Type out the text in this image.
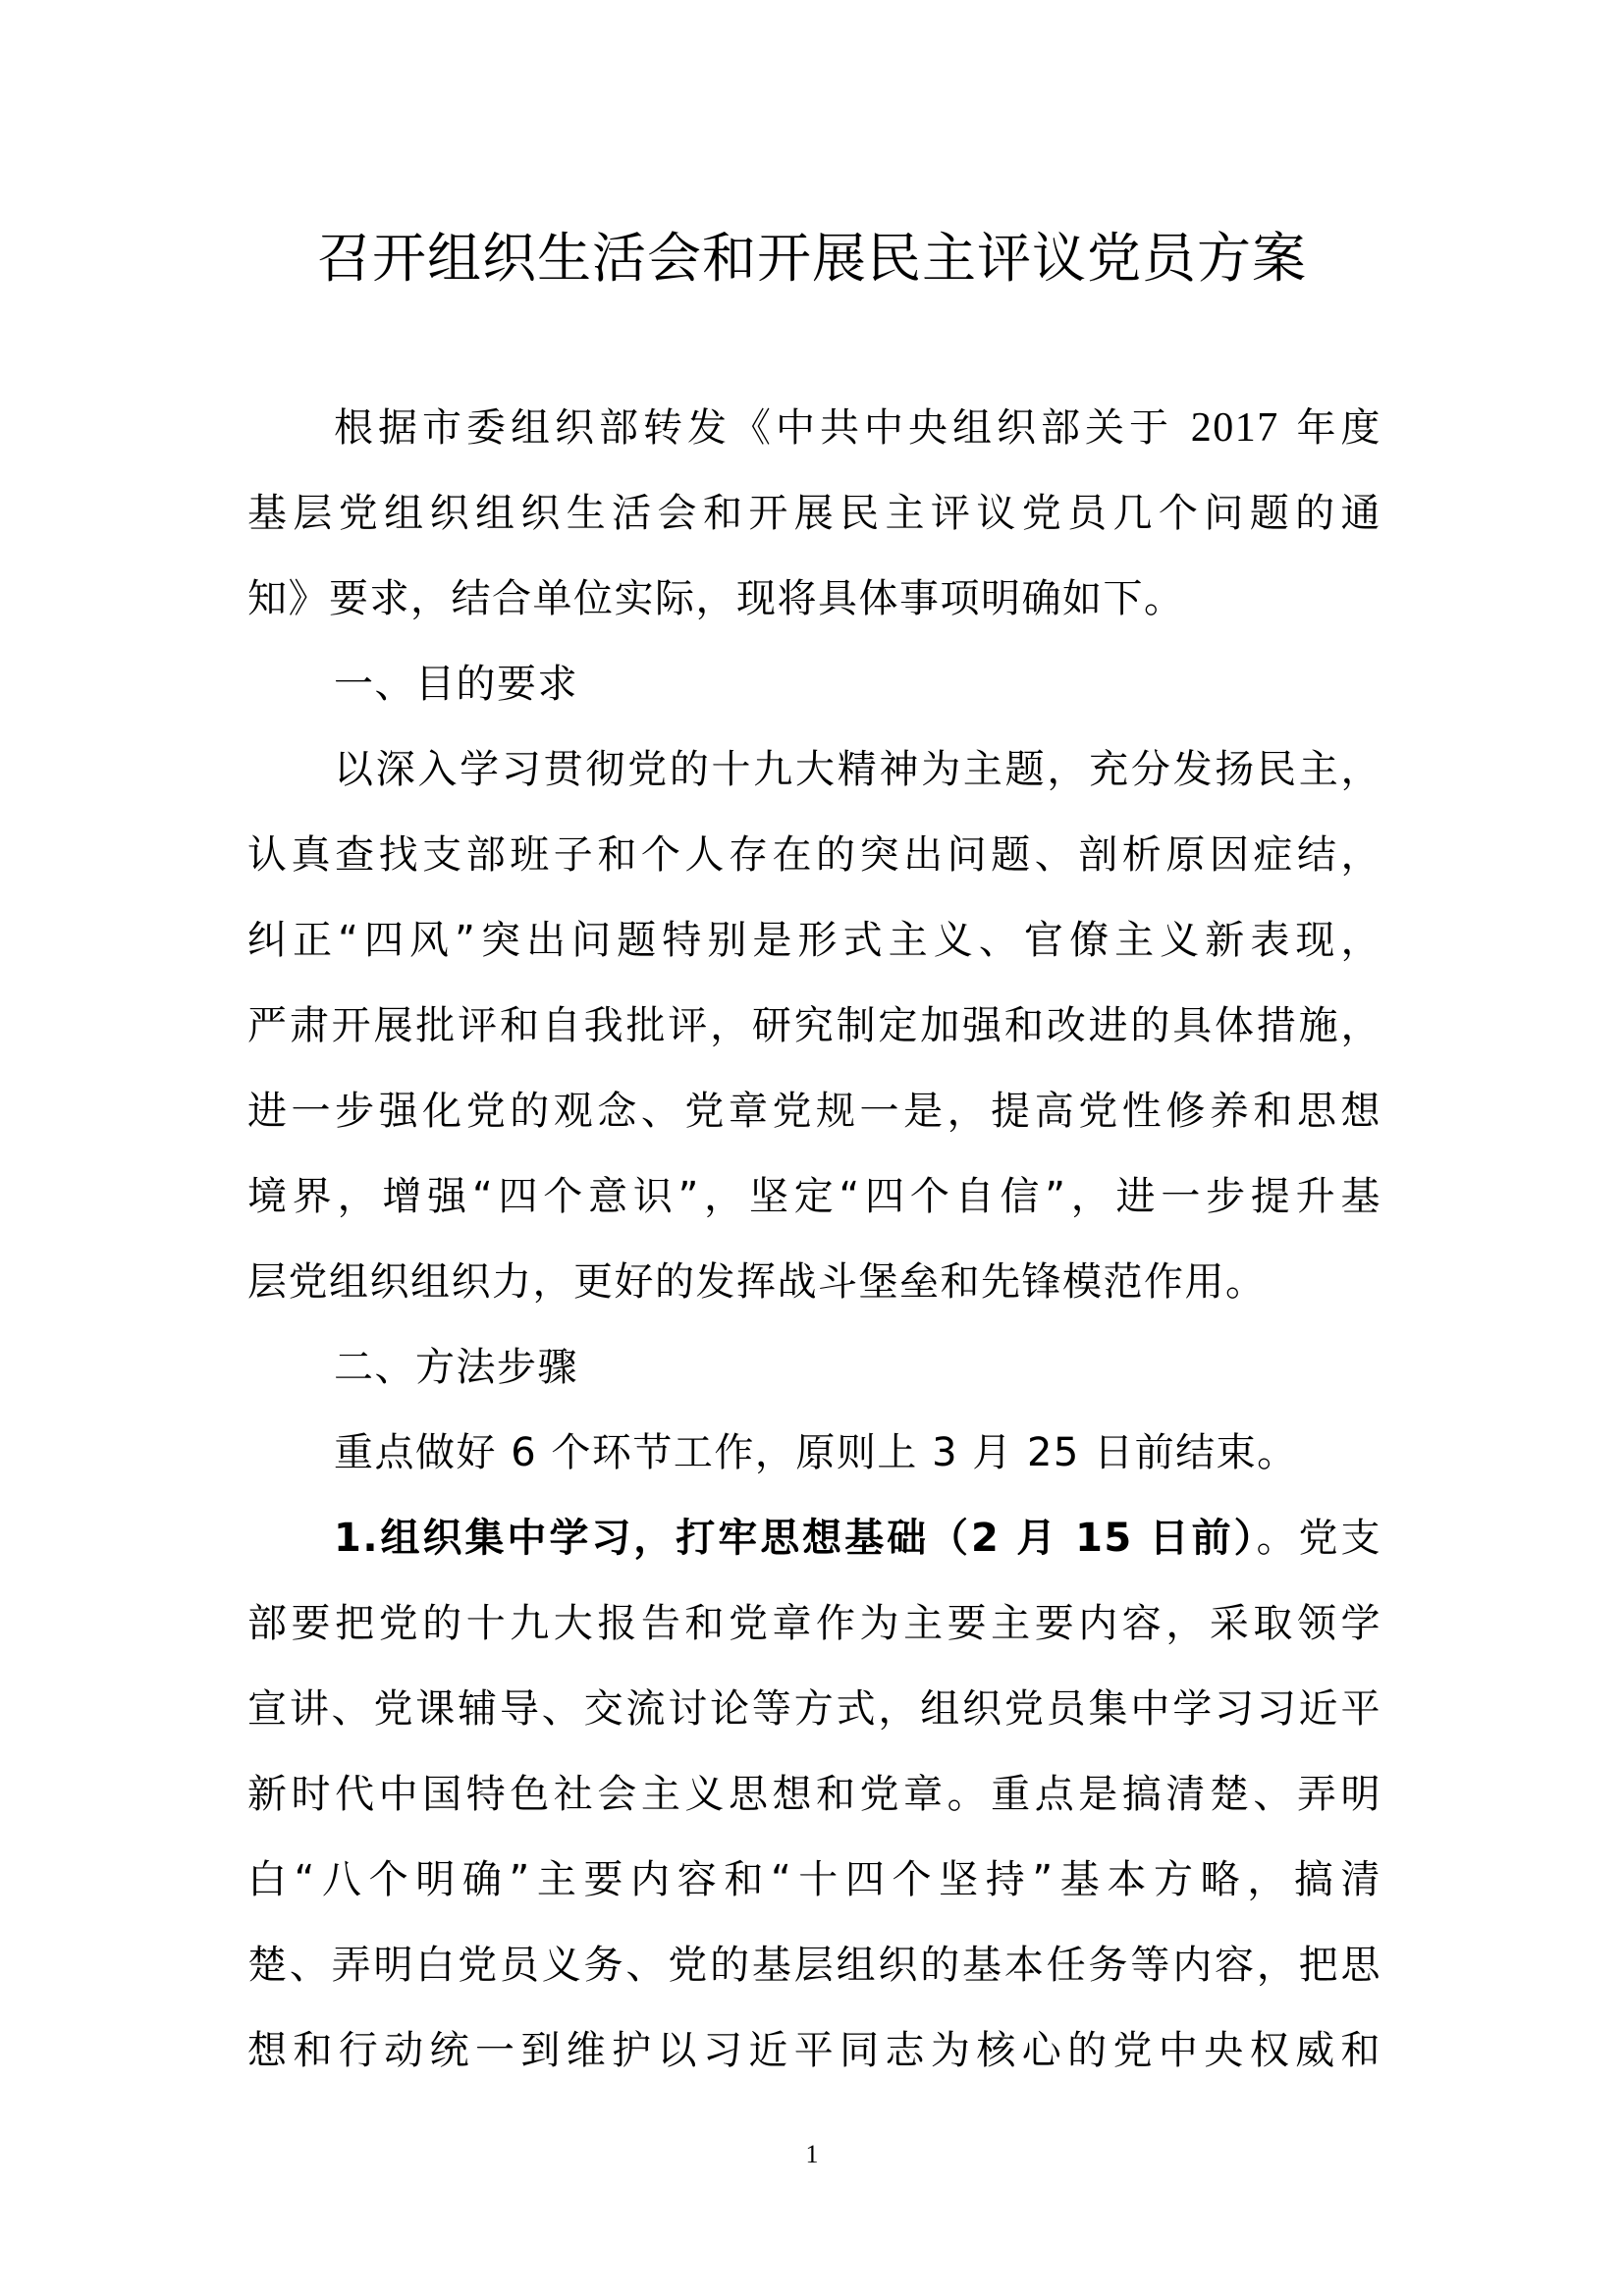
召开组织生活会和开展民主评议党员方案
根据市委组织部转发《中共中央组织部关于 2017 年度
基层党组织组织生活会和开展民主评议党员几个问题的通
知》要求，结合单位实际，现将具体事项明确如下。
一、目的要求
以深入学习贯彻党的十九大精神为主题，充分发扬民主，
认真查找支部班子和个人存在的突出问题、剖析原因症结，
纠正“四风”突出问题特别是形式主义、官僚主义新表现，
严肃开展批评和自我批评，研究制定加强和改进的具体措施，
进一步强化党的观念、党章党规一是，提高党性修养和思想
境界，增强“四个意识”，坚定“四个自信”，进一步提升基
层党组织组织力，更好的发挥战斗堡垒和先锋模范作用。
二、方法步骤
重点做好 6 个环节工作，原则上 3 月 25 日前结束。
1.组织集中学习，打牢思想基础（2 月 15 日前）。党支
部要把党的十九大报告和党章作为主要主要内容，采取领学
宣讲、党课辅导、交流讨论等方式，组织党员集中学习习近平
新时代中国特色社会主义思想和党章。重点是搞清楚、弄明
白“八个明确”主要内容和“十四个坚持”基本方略，搞清
楚、弄明白党员义务、党的基层组织的基本任务等内容，把思
想和行动统一到维护以习近平同志为核心的党中央权威和
1
